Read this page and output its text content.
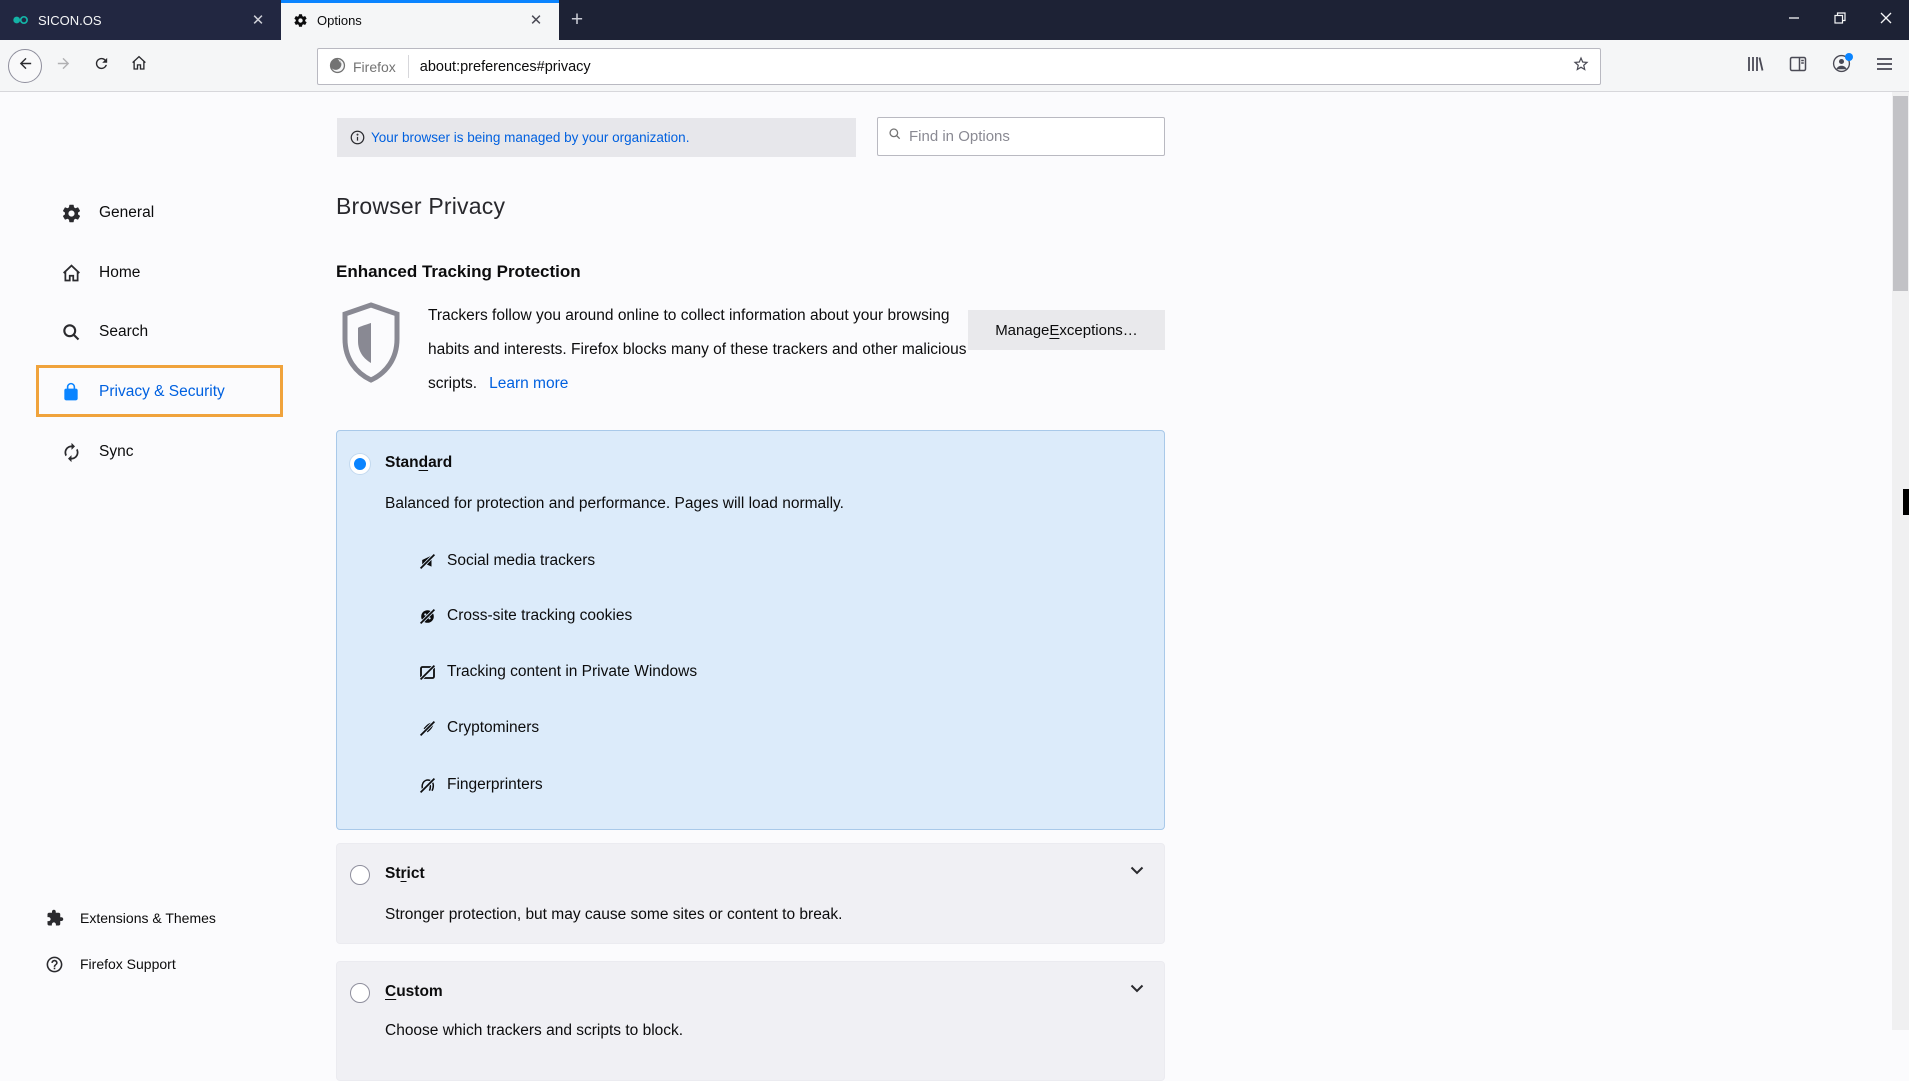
SICON.OS	✕	Options	✕ +
Firefox	about:preferences#privacy
General
Home
Search
Privacy & Security
Sync
Extensions & Themes
Firefox Support
Your browser is being managed by your organization.
Find in Options
Browser Privacy
Enhanced Tracking Protection
Trackers follow you around online to collect information about your browsing habits and interests. Firefox blocks many of these trackers and other malicious scripts. Learn more
Manage E xceptions…
Standard
Balanced for protection and performance. Pages will load normally.
Social media trackers
Cross-site tracking cookies
Tracking content in Private Windows
Cryptominers
Fingerprinters
Strict
Stronger protection, but may cause some sites or content to break.
Custom
Choose which trackers and scripts to block.
